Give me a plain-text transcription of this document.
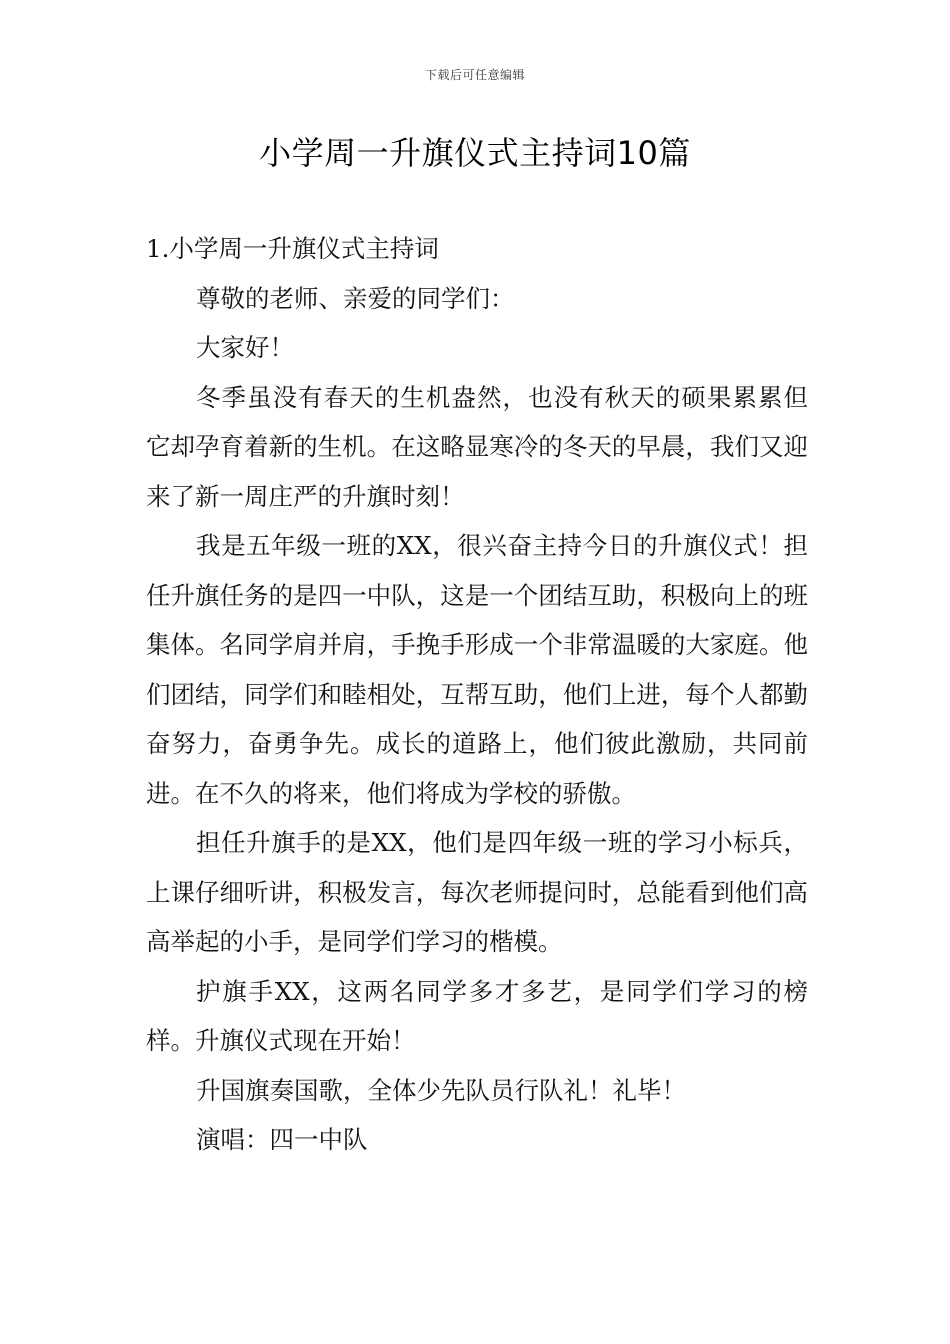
下载后可任意编辑
小学周一升旗仪式主持词10篇

1.小学周一升旗仪式主持词

尊敬的老师、亲爱的同学们：

大家好！

冬季虽没有春天的生机盎然，也没有秋天的硕果累累但它却孕育着新的生机。在这略显寒冷的冬天的早晨，我们又迎来了新一周庄严的升旗时刻！

我是五年级一班的XX，很兴奋主持今日的升旗仪式！担任升旗任务的是四一中队，这是一个团结互助，积极向上的班集体。名同学肩并肩，手挽手形成一个非常温暖的大家庭。他们团结，同学们和睦相处，互帮互助，他们上进，每个人都勤奋努力，奋勇争先。成长的道路上，他们彼此激励，共同前进。在不久的将来，他们将成为学校的骄傲。

担任升旗手的是XX，他们是四年级一班的学习小标兵，上课仔细听讲，积极发言，每次老师提问时，总能看到他们高高举起的小手，是同学们学习的楷模。

护旗手XX，这两名同学多才多艺，是同学们学习的榜样。升旗仪式现在开始！

升国旗奏国歌，全体少先队员行队礼！礼毕！

演唱：四一中队
